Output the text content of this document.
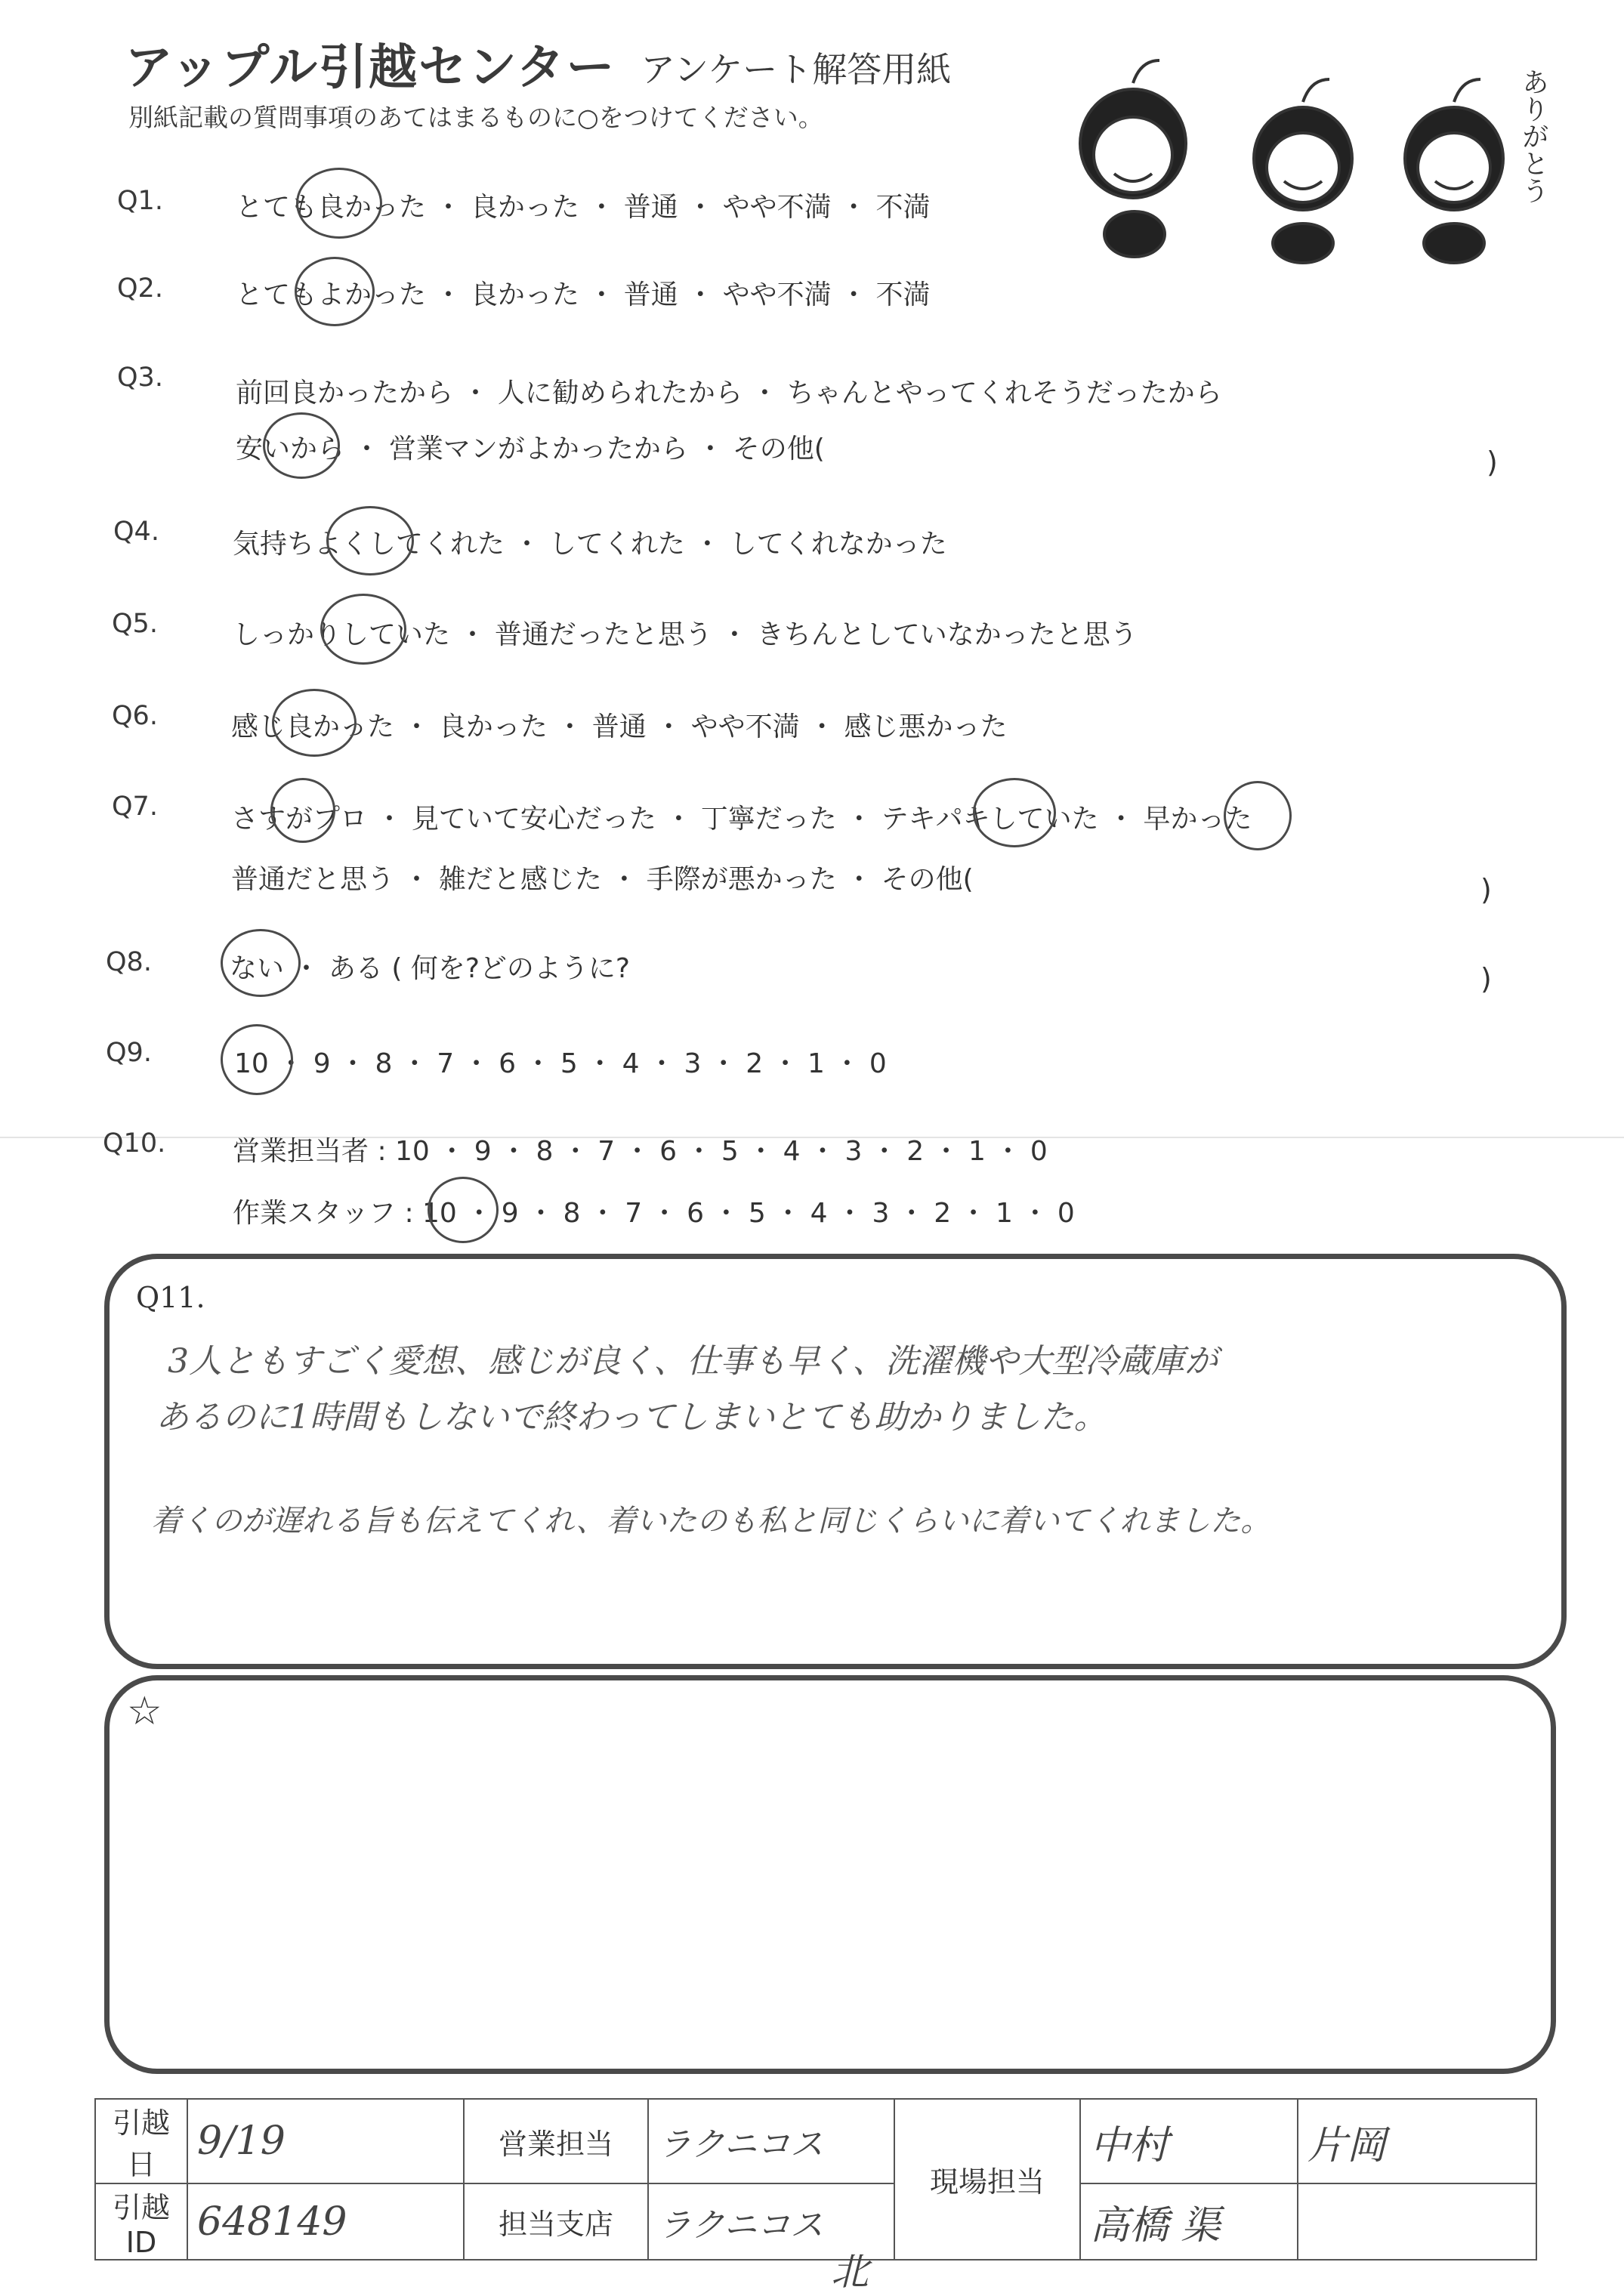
アップル引越センター アンケート解答用紙
別紙記載の質問事項のあてはまるものに○をつけてください。	ありがとう
Q1.	とても良かった ・ 良かった ・ 普通 ・ やや不満 ・ 不満
Q2.	とてもよかった ・ 良かった ・ 普通 ・ やや不満 ・ 不満
Q3.	前回良かったから ・ 人に勧められたから ・ ちゃんとやってくれそうだったから
安いから ・ 営業マンがよかったから ・ その他(	)
Q4.	気持ちよくしてくれた ・ してくれた ・ してくれなかった
Q5.	しっかりしていた ・ 普通だったと思う ・ きちんとしていなかったと思う
Q6.	感じ良かった ・ 良かった ・ 普通 ・ やや不満 ・ 感じ悪かった
Q7.	さすがプロ ・ 見ていて安心だった ・ 丁寧だった ・ テキパキしていた ・ 早かった
普通だと思う ・ 雑だと感じた ・ 手際が悪かった ・ その他(	)
Q8.	ない ・ ある ( 何を?どのように?	)
Q9.	10 ・ 9 ・ 8 ・ 7 ・ 6 ・ 5 ・ 4 ・ 3 ・ 2 ・ 1 ・ 0
Q10. 営業担当者 : 10 ・ 9 ・ 8 ・ 7 ・ 6 ・ 5 ・ 4 ・ 3 ・ 2 ・ 1 ・ 0
作業スタッフ : 10 ・ 9 ・ 8 ・ 7 ・ 6 ・ 5 ・ 4 ・ 3 ・ 2 ・ 1 ・ 0
Q11.
3人ともすごく愛想、感じが良く、仕事も早く、洗濯機や大型冷蔵庫が
あるのに1時間もしないで終わってしまいとても助かりました。
着くのが遅れる旨も伝えてくれ、着いたのも私と同じくらいに着いてくれました。
☆
引越日	9/19	営業担当	ラクニコス	現場担当	中村	片岡
引越 ID	648149	担当支店	ラクニコス		高橋 渠	
北
